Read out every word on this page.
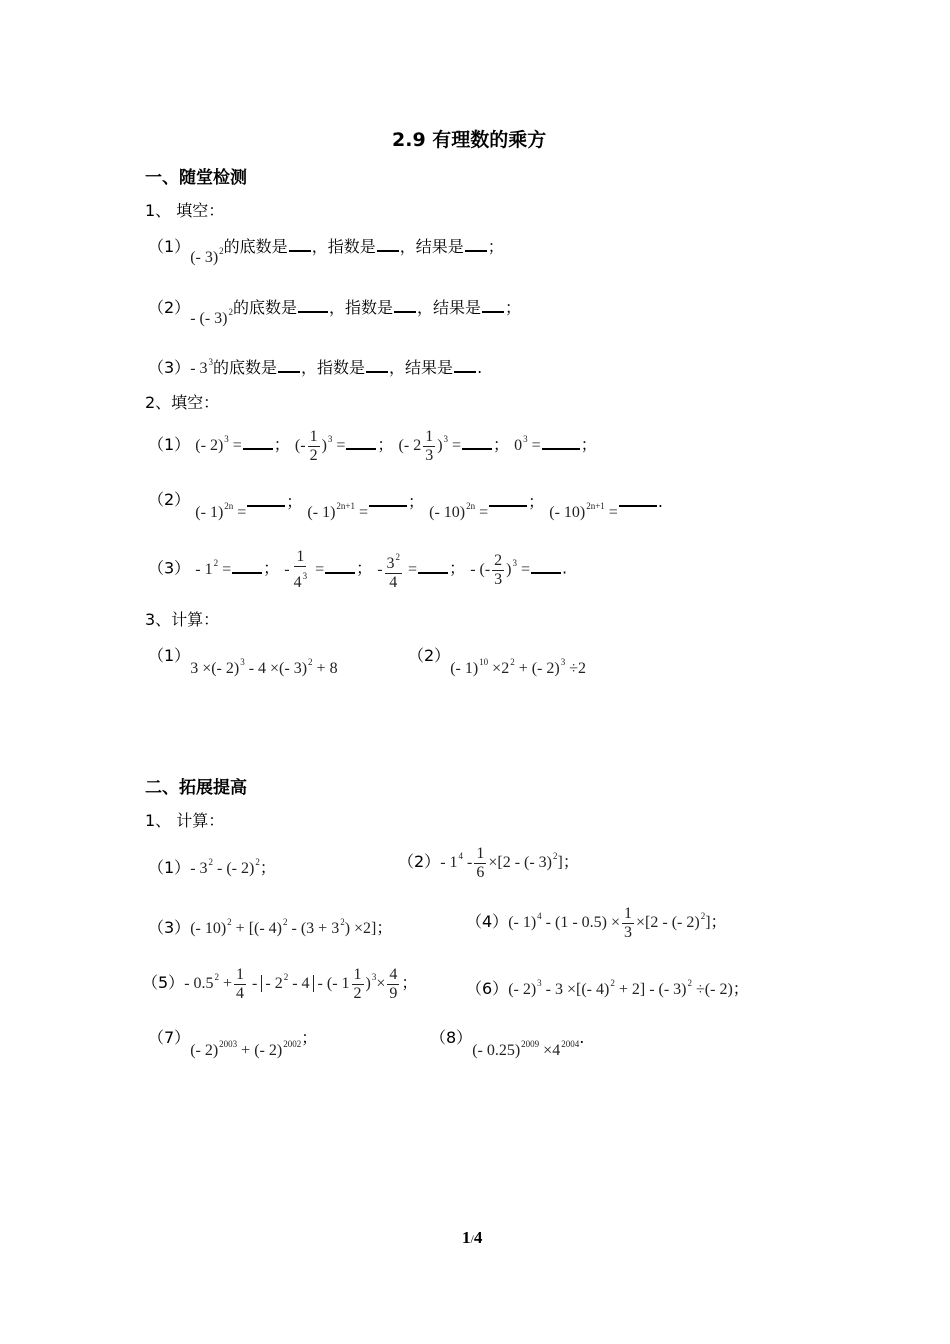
2.9 有理数的乘方
一、随堂检测
1、 填空：
（1）(- 3)$^2$的底数是 ，指数是 ，结果是 ；
（2）- (- 3)$^2$的底数是 ，指数是 ，结果是 ；
（3）- $3^3$的底数是 ，指数是 ，结果是 .
2、填空：
（1） (- 2)$^3$ = ； (- $\frac{1}{2} )^3$ = ； (- $2 \frac{1}{3} )^3$ = ； $0^3$ =	；
（2） (- 1)$^{2n}$ =； (- 1)$^{2n+1}$ =； (- 10)$^{2n}$ =； (- 10)$^{2n+1}$ =.
$(3) - 1^2$ = ； - $\frac{1}{4^3}$ = ； - $\frac{3^2}{4}$ = ； - (- $\frac{2}{3} )^3$ = .
3、计算：
（1）3 ×(- 2)$^3$ - 4 ×(- 3)$^2$ + 8
（2）(- $1)^{10} \times 2^2$ + (- 2)$^3$ ÷2
二、拓展提高
1、 计算：
（1）- $3^2$ - (- 2)$^2$；	（2）- $1^4 - \frac{1}{6} \times[2$ - (- 3)$^2$]；
（3）(- 10)$^2$ + [(- $4)^2 - (3 + 3^2) \times 2$]；	（4）(- $1)^4 - (1 - 0.5) \times \frac{1}{3} \times[2$ - (- 2)$^2$]；
（5）- $0.5^2 + \frac{1}{4}$ - - $2^2 - 4$ - (- $1 \frac{1}{2} )^3\times \frac{4}{9}$ ；	（6）(- 2)$^3$ - 3 ×[(- 4)$^2$ + 2] - (- 3)$^2$ ÷(- 2)；
（7）(- 2)$^{2003}$ + (- 2)$^{2002}$；	（8）(- $0.25)^{2009} \times 4^{2004}$.
1/4
